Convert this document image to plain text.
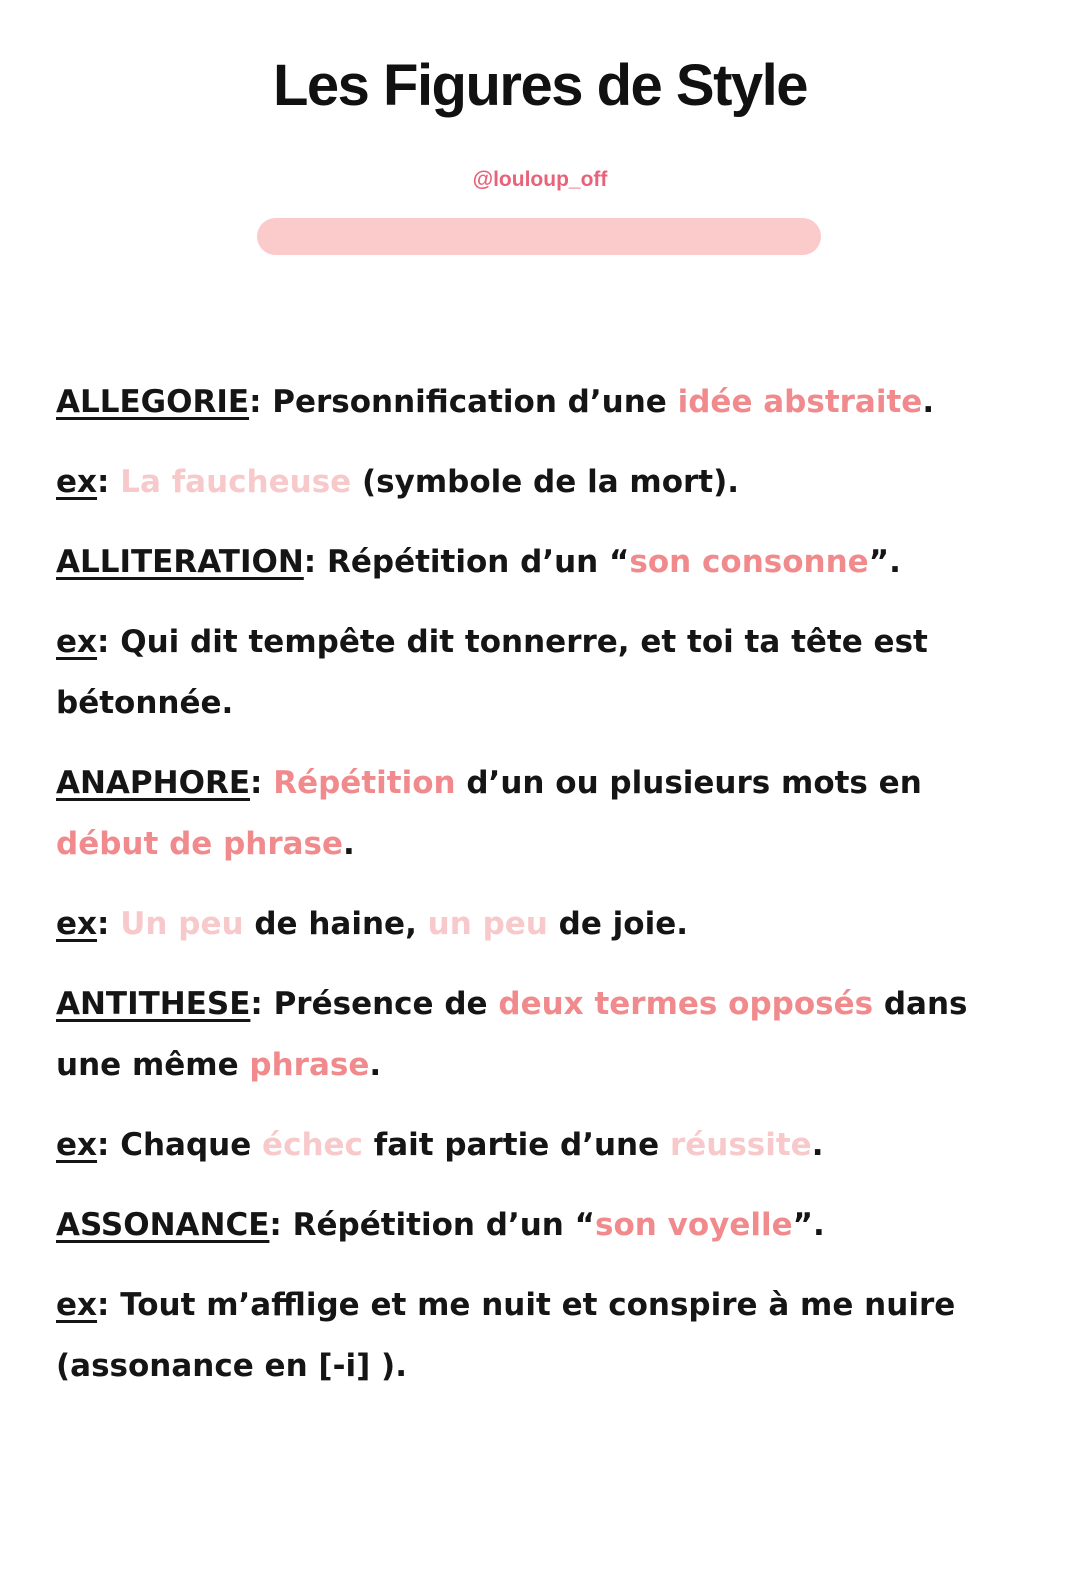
Les Figures de Style
@louloup_off
ALLEGORIE: Personnification d’une idée abstraite.
ex: La faucheuse (symbole de la mort).
ALLITERATION: Répétition d’un “son consonne”.
ex: Qui dit tempête dit tonnerre, et toi ta tête est bétonnée.
ANAPHORE: Répétition d’un ou plusieurs mots en début de phrase.
ex: Un peu de haine, un peu de joie.
ANTITHESE: Présence de deux termes opposés dans une même phrase.
ex: Chaque échec fait partie d’une réussite.
ASSONANCE: Répétition d’un “son voyelle”.
ex: Tout m’afflige et me nuit et conspire à me nuire (assonance en [-i] ).
